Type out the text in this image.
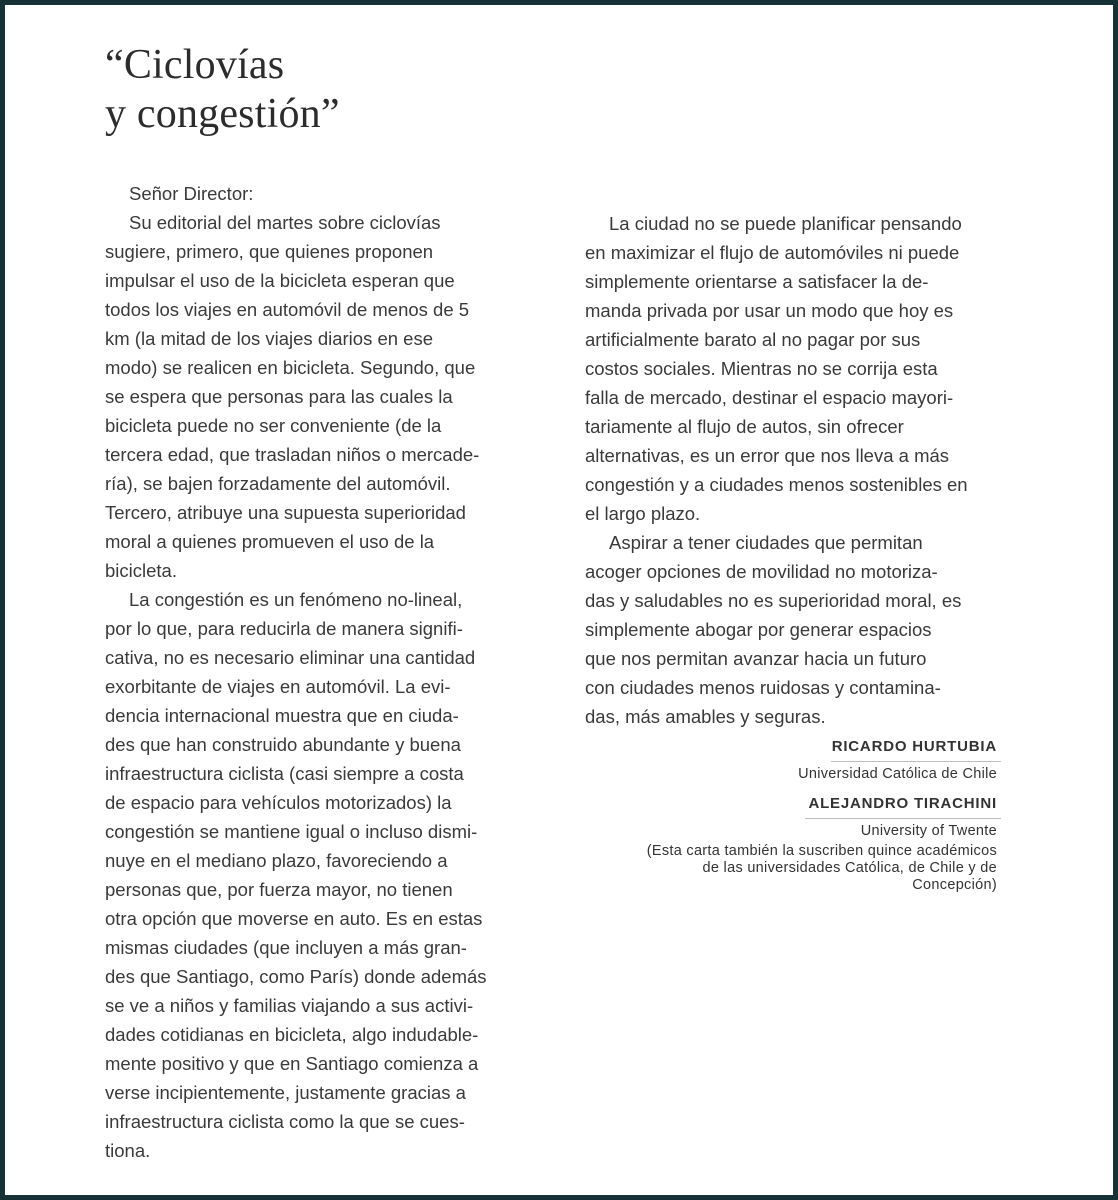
“Ciclovías
y congestión”
Señor Director:
Su editorial del martes sobre ciclovías
sugiere, primero, que quienes proponen
impulsar el uso de la bicicleta esperan que
todos los viajes en automóvil de menos de 5
km (la mitad de los viajes diarios en ese
modo) se realicen en bicicleta. Segundo, que
se espera que personas para las cuales la
bicicleta puede no ser conveniente (de la
tercera edad, que trasladan niños o mercade-
ría), se bajen forzadamente del automóvil.
Tercero, atribuye una supuesta superioridad
moral a quienes promueven el uso de la
bicicleta.
La congestión es un fenómeno no-lineal,
por lo que, para reducirla de manera signifi-
cativa, no es necesario eliminar una cantidad
exorbitante de viajes en automóvil. La evi-
dencia internacional muestra que en ciuda-
des que han construido abundante y buena
infraestructura ciclista (casi siempre a costa
de espacio para vehículos motorizados) la
congestión se mantiene igual o incluso dismi-
nuye en el mediano plazo, favoreciendo a
personas que, por fuerza mayor, no tienen
otra opción que moverse en auto. Es en estas
mismas ciudades (que incluyen a más gran-
des que Santiago, como París) donde además
se ve a niños y familias viajando a sus activi-
dades cotidianas en bicicleta, algo indudable-
mente positivo y que en Santiago comienza a
verse incipientemente, justamente gracias a
infraestructura ciclista como la que se cues-
tiona.
La ciudad no se puede planificar pensando
en maximizar el flujo de automóviles ni puede
simplemente orientarse a satisfacer la de-
manda privada por usar un modo que hoy es
artificialmente barato al no pagar por sus
costos sociales. Mientras no se corrija esta
falla de mercado, destinar el espacio mayori-
tariamente al flujo de autos, sin ofrecer
alternativas, es un error que nos lleva a más
congestión y a ciudades menos sostenibles en
el largo plazo.
Aspirar a tener ciudades que permitan
acoger opciones de movilidad no motoriza-
das y saludables no es superioridad moral, es
simplemente abogar por generar espacios
que nos permitan avanzar hacia un futuro
con ciudades menos ruidosas y contamina-
das, más amables y seguras.
RICARDO HURTUBIA
Universidad Católica de Chile
ALEJANDRO TIRACHINI
University of Twente
(Esta carta también la suscriben quince académicos
de las universidades Católica, de Chile y de
Concepción)
